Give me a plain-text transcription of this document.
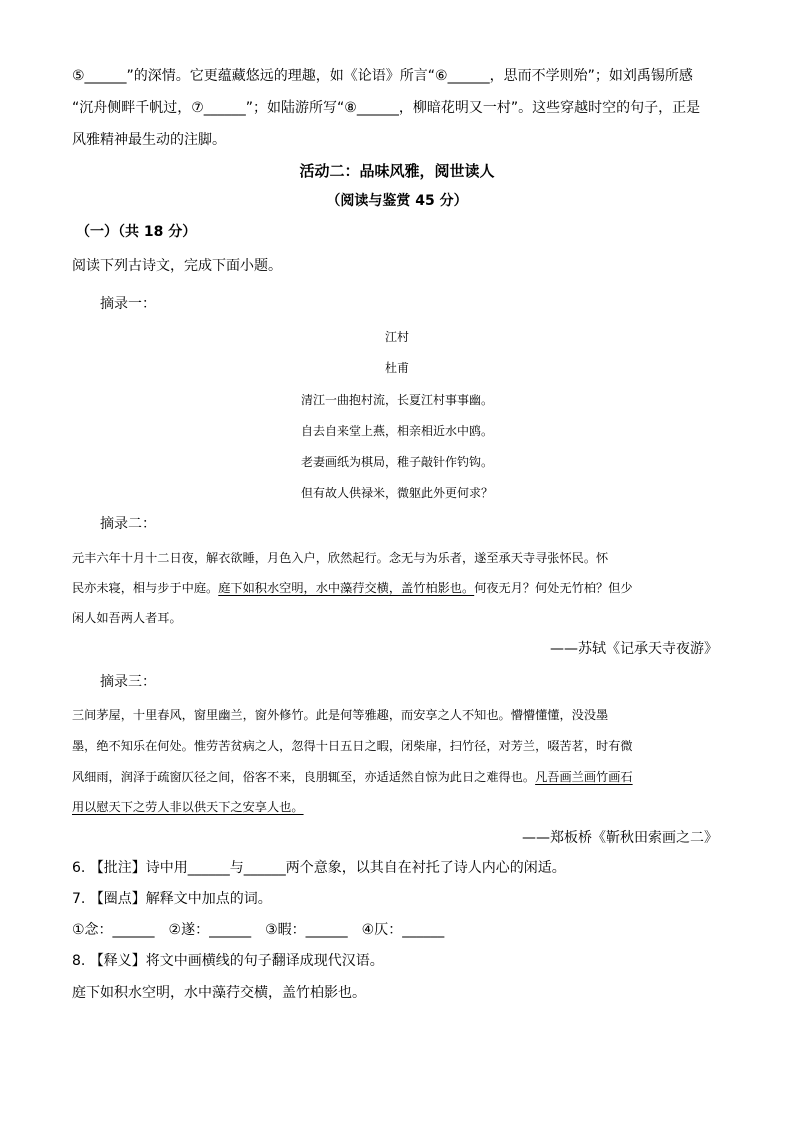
⑤______”的深情。它更蕴藏悠远的理趣，如《论语》所言“⑥______，思而不学则殆”；如刘禹锡所感
“沉舟侧畔千帆过，⑦______”；如陆游所写“⑧______，柳暗花明又一村”。这些穿越时空的句子，正是
风雅精神最生动的注脚。
活动二：品味风雅，阅世读人
（阅读与鉴赏 45 分）
（一）（共 18 分）
阅读下列古诗文，完成下面小题。
摘录一：
江村
杜甫
清江一曲抱村流，长夏江村事事幽。
自去自来堂上燕，相亲相近水中鸥。
老妻画纸为棋局，稚子敲针作钓钩。
但有故人供禄米，微躯此外更何求？
摘录二：
元丰六年十月十二日夜，解衣欲睡，月色入户，欣然起行。念无与为乐者，遂至承天寺寻张怀民。怀
民亦未寝，相与步于中庭。庭下如积水空明，水中藻荇交横，盖竹柏影也。何夜无月？何处无竹柏？但少
闲人如吾两人者耳。
——苏轼《记承天寺夜游》
摘录三：
三间茅屋，十里春风，窗里幽兰，窗外修竹。此是何等雅趣，而安享之人不知也。懵懵懂懂，没没墨
墨，绝不知乐在何处。惟劳苦贫病之人，忽得十日五日之暇，闭柴扉，扫竹径，对芳兰，啜苦茗，时有微
风细雨，润泽于疏窗仄径之间，俗客不来，良朋辄至，亦适适然自惊为此日之难得也。凡吾画兰画竹画石
用以慰天下之劳人非以供天下之安享人也。
——郑板桥《靳秋田索画之二》
6. 【批注】诗中用______与______两个意象，以其自在衬托了诗人内心的闲适。
7. 【圈点】解释文中加点的词。
①念：______　②遂：______　③暇：______　④仄：______
8. 【释义】将文中画横线的句子翻译成现代汉语。
庭下如积水空明，水中藻荇交横，盖竹柏影也。
